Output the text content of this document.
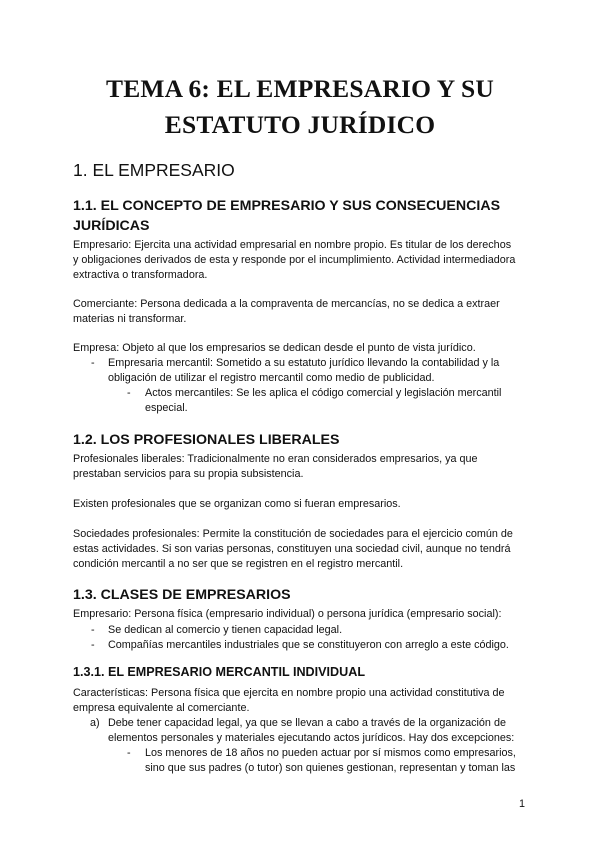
TEMA 6: EL EMPRESARIO Y SU
ESTATUTO JURÍDICO
1. EL EMPRESARIO
1.1. EL CONCEPTO DE EMPRESARIO Y SUS CONSECUENCIAS
JURÍDICAS

Empresario: Ejercita una actividad empresarial en nombre propio. Es titular de los derechos

y obligaciones derivados de esta y responde por el incumplimiento. Actividad intermediadora

extractiva o transformadora.

Comerciante: Persona dedicada a la compraventa de mercancías, no se dedica a extraer

materias ni transformar.

Empresa: Objeto al que los empresarios se dedican desde el punto de vista jurídico.

- Empresaria mercantil: Sometido a su estatuto jurídico llevando la contabilidad y la

obligación de utilizar el registro mercantil como medio de publicidad.

- Actos mercantiles: Se les aplica el código comercial y legislación mercantil

especial.

1.2. LOS PROFESIONALES LIBERALES

Profesionales liberales: Tradicionalmente no eran considerados empresarios, ya que

prestaban servicios para su propia subsistencia.

Existen profesionales que se organizan como si fueran empresarios.

Sociedades profesionales: Permite la constitución de sociedades para el ejercicio común de

estas actividades. Si son varias personas, constituyen una sociedad civil, aunque no tendrá

condición mercantil a no ser que se registren en el registro mercantil.

1.3. CLASES DE EMPRESARIOS

Empresario: Persona física (empresario individual) o persona jurídica (empresario social):

- Se dedican al comercio y tienen capacidad legal.

- Compañías mercantiles industriales que se constituyeron con arreglo a este código.

1.3.1. EL EMPRESARIO MERCANTIL INDIVIDUAL

Características: Persona física que ejercita en nombre propio una actividad constitutiva de

empresa equivalente al comerciante.

a) Debe tener capacidad legal, ya que se llevan a cabo a través de la organización de

elementos personales y materiales ejecutando actos jurídicos. Hay dos excepciones:

- Los menores de 18 años no pueden actuar por sí mismos como empresarios,

sino que sus padres (o tutor) son quienes gestionan, representan y toman las

1
